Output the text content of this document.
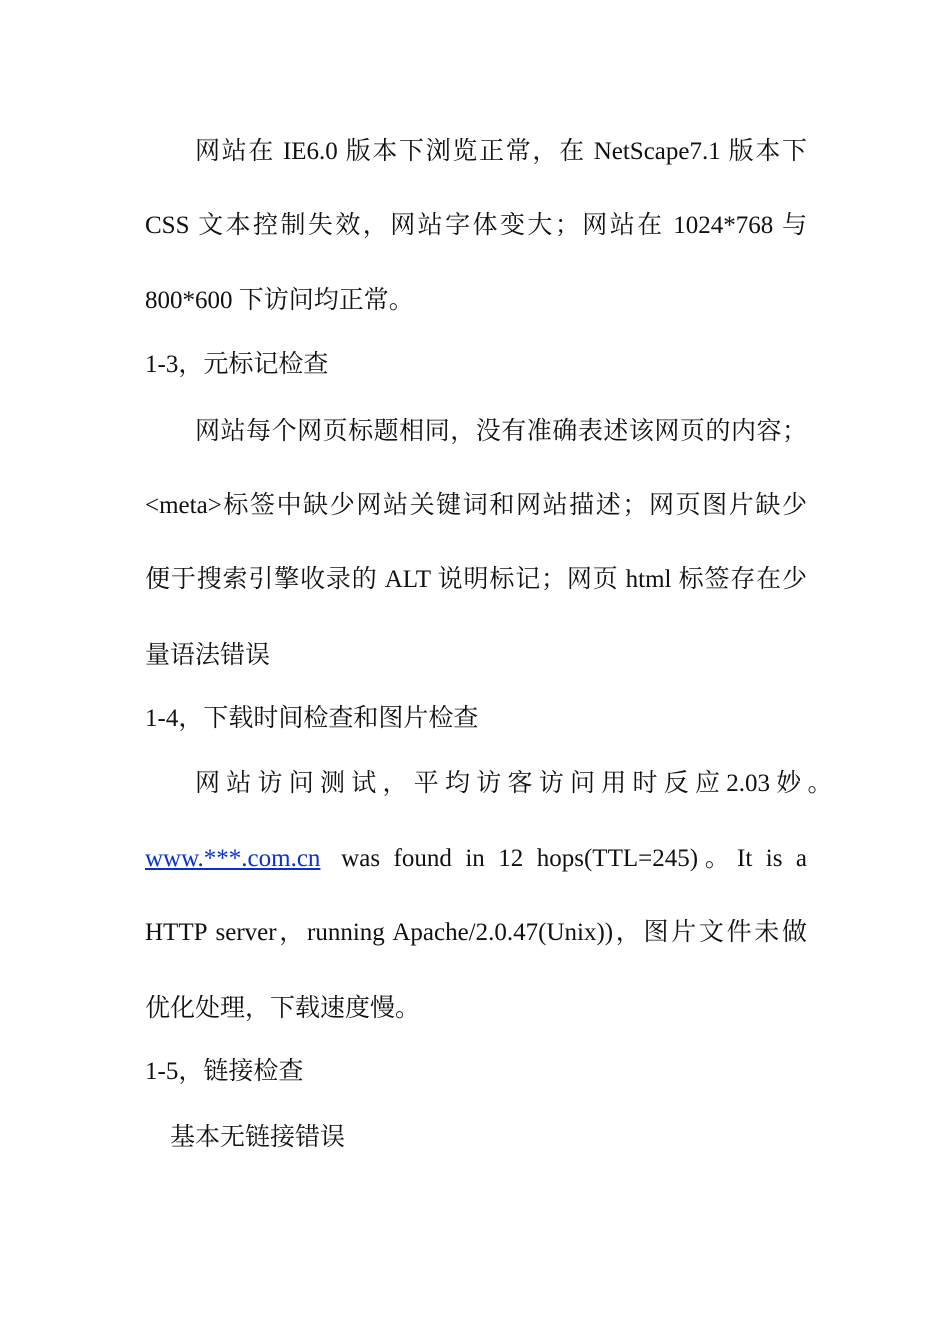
网站在 IE6.0 版本下浏览正常，在 NetScape7.1 版本下
CSS 文本控制失效，网站字体变大；网站在 1024*768 与
800*600 下访问均正常。
1-3，元标记检查
网站每个网页标题相同，没有准确表述该网页的内容；
<meta>标签中缺少网站关键词和网站描述；网页图片缺少
便于搜索引擎收录的 ALT 说明标记；网页 html 标签存在少
量语法错误
1-4，下载时间检查和图片检查
网 站 访 问 测 试 ， 平 均 访 客 访 问 用 时 反 应 2.03 妙 。
www.***.com.cn was  found  in  12  hops(TTL=245) 。 It  is  a
HTTP server，running Apache/2.0.47(Unix))，图片文件未做
优化处理，下载速度慢。
1-5，链接检查
基本无链接错误
